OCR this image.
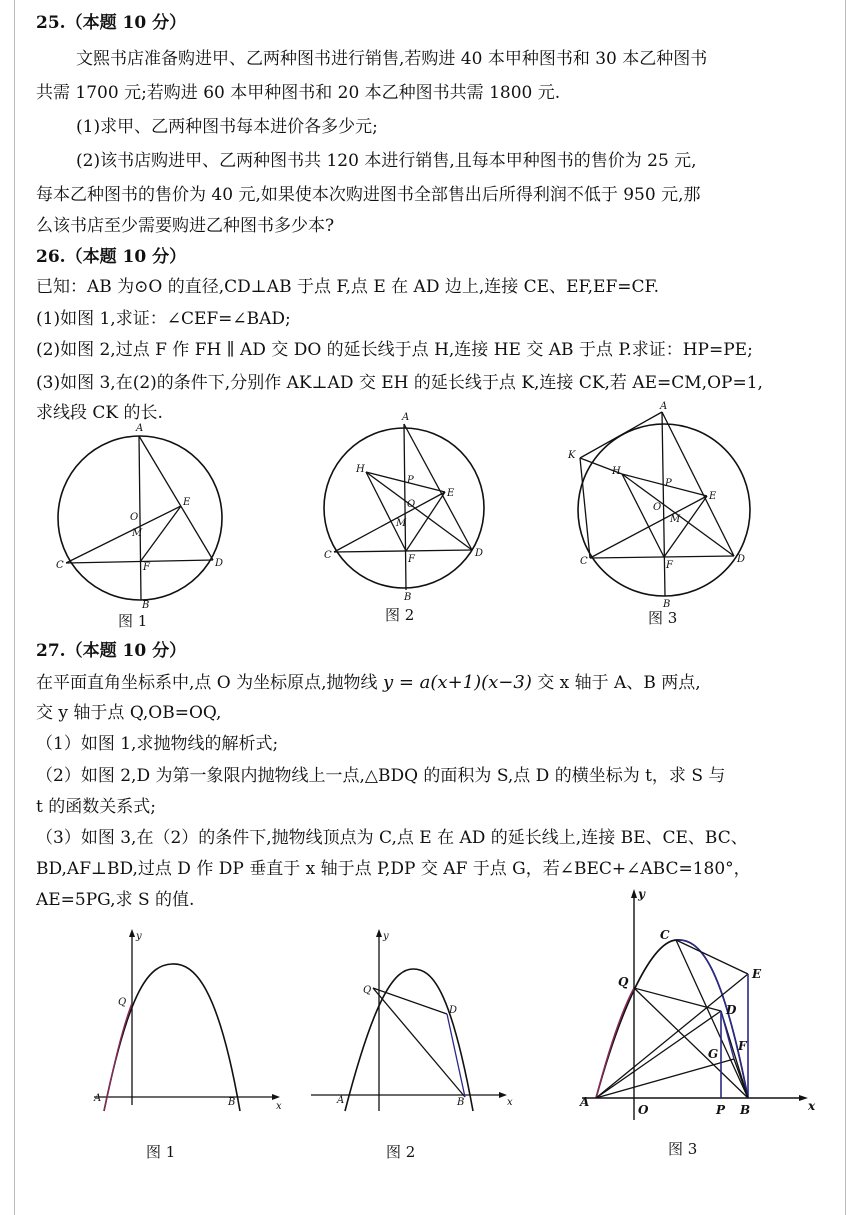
25.（本题 10 分）
文熙书店准备购进甲、乙两种图书进行销售,若购进 40 本甲种图书和 30 本乙种图书
共需 1700 元;若购进 60 本甲种图书和 20 本乙种图书共需 1800 元.
(1)求甲、乙两种图书每本进价各多少元;
(2)该书店购进甲、乙两种图书共 120 本进行销售,且每本甲种图书的售价为 25 元,
每本乙种图书的售价为 40 元,如果使本次购进图书全部售出后所得利润不低于 950 元,那
么该书店至少需要购进乙种图书多少本?
26.（本题 10 分）
已知：AB 为⊙O 的直径,CD⊥AB 于点 F,点 E 在 AD 边上,连接 CE、EF,EF=CF.
(1)如图 1,求证：∠CEF=∠BAD;
(2)如图 2,过点 F 作 FH ∥ AD 交 DO 的延长线于点 H,连接 HE 交 AB 于点 P.求证：HP=PE;
(3)如图 3,在(2)的条件下,分别作 AK⊥AD 交 EH 的延长线于点 K,连接 CK,若 AE=CM,OP=1,
求线段 CK 的长.
A
B
C	D
E
F
O
M
图 1
A
B
C	D
E
F
O
M
H
P
图 2
A
B
C	D
E
F
O
M
H
P
K
图 3
27.（本题 10 分）
在平面直角坐标系中,点 O 为坐标原点,抛物线 y = a(x+1)(x−3) 交 x 轴于 A、B 两点,
交 y 轴于点 Q,OB=OQ,
（1）如图 1,求抛物线的解析式;
（2）如图 2,D 为第一象限内抛物线上一点,△BDQ 的面积为 S,点 D 的横坐标为 t，求 S 与
t 的函数关系式;
（3）如图 3,在（2）的条件下,抛物线顶点为 C,点 E 在 AD 的延长线上,连接 BE、CE、BC、
BD,AF⊥BD,过点 D 作 DP 垂直于 x 轴于点 P,DP 交 AF 于点 G，若∠BEC+∠ABC=180°，
AE=5PG,求 S 的值.
y
x
Q
A	B
图 1
y
x
Q
A	B
D
图 2
y
x
Q
A
B
D
C
E
F
G
O	P
图 3
